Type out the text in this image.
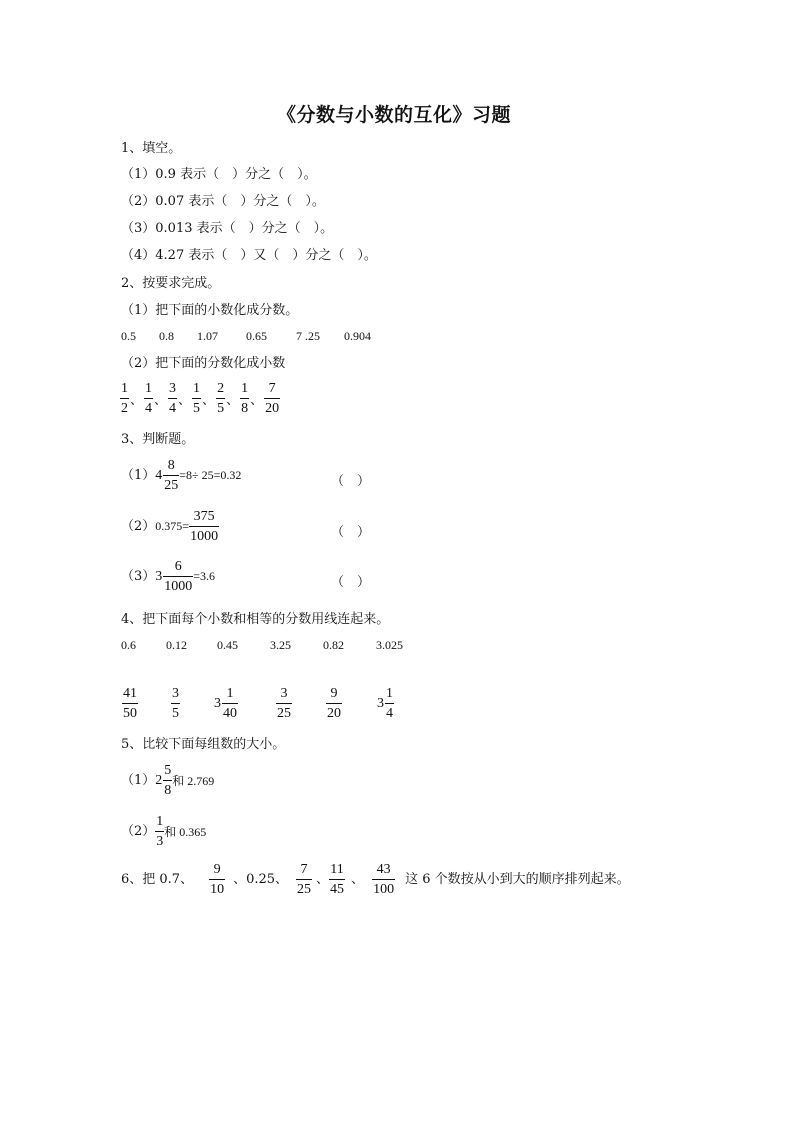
《分数与小数的互化》习题
1、填空。
（1）0.9 表示（　）分之（　）。
（2）0.07 表示（　）分之（　）。
（3）0.013 表示（　）分之（　）。
（4）4.27 表示（　）又（　）分之（　）。
2、按要求完成。
（1）把下面的小数化成分数。
0.5 0.8 1.07 0.65 7 .25 0.904
（2）把下面的分数化成小数
$\frac{1}{2}$ 、 $\frac{1}{4}$ 、 $\frac{3}{4}$ 、 $\frac{1}{5}$ 、 $\frac{2}{5}$ 、 $\frac{1}{8}$ 、 $\frac{7}{20}$
3、判断题。
（1） $4 \frac{8}{25} =8\div 25=0.32$	（　）
（2） $0.375= \frac{375}{1000}$	（　）
（3） $3 \frac{6}{1000} =3.6$	（　）
4、把下面每个小数和相等的分数用线连起来。
0.6	0.12	0.45	3.25	0.82	3.025
$\frac{41}{50} \frac{3}{5} 3 \frac{1}{40}$	$\frac{3}{25} \frac{9}{20}$	$3 \frac{1}{4}$
5、比较下面每组数的大小。
（1） $2 \frac{5}{8}$ 和 2.769
$(2) \frac{1}{3}$ 和 0.365
6、把 0.7、 $\frac{9}{10}$ 、0.25、 $\frac{7}{25}$ 、 $\frac{11}{45}$ 、 $\frac{43}{100}$ 这 6 个数按从小到大的顺序排列起来。
